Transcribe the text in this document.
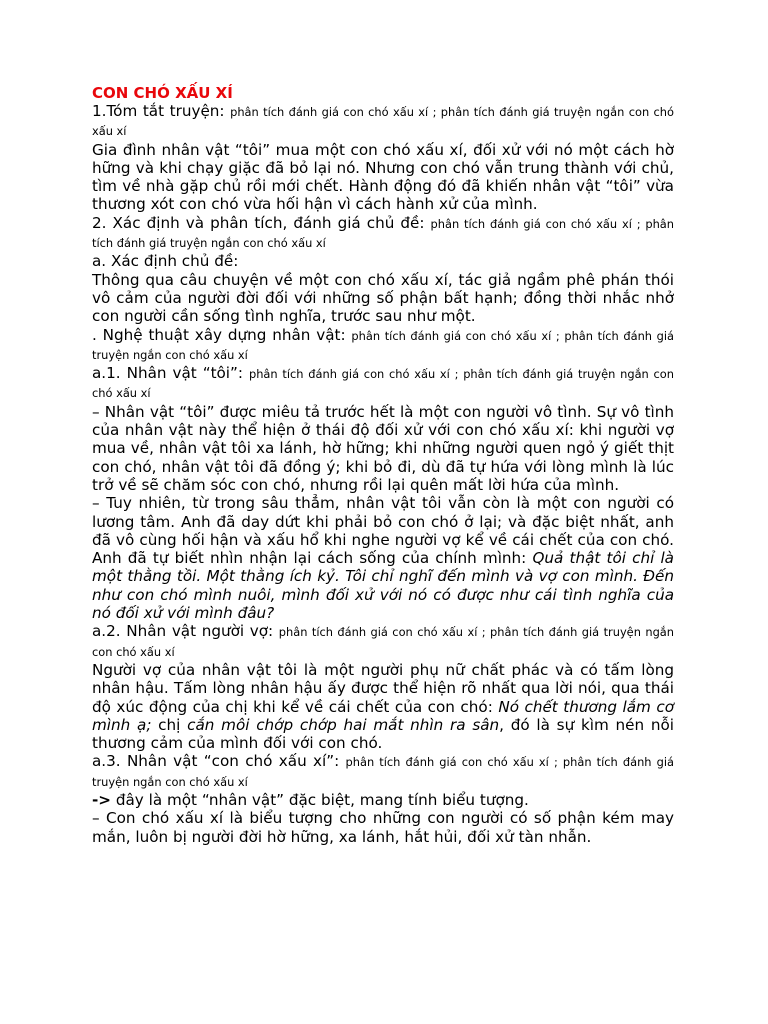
CON CHÓ XẤU XÍ

1.Tóm tắt truyện: phân tích đánh giá con chó xấu xí ; phân tích đánh giá truyện ngắn con chó xấu xí

Gia đình nhân vật “tôi” mua một con chó xấu xí, đối xử với nó một cách hờ hững và khi chạy giặc đã bỏ lại nó. Nhưng con chó vẫn trung thành với chủ, tìm về nhà gặp chủ rồi mới chết. Hành động đó đã khiến nhân vật “tôi” vừa thương xót con chó vừa hối hận vì cách hành xử của mình.

2. Xác định và phân tích, đánh giá chủ đề: phân tích đánh giá con chó xấu xí ; phân tích đánh giá truyện ngắn con chó xấu xí

a. Xác định chủ đề:

Thông qua câu chuyện về một con chó xấu xí, tác giả ngầm phê phán thói vô cảm của người đời đối với những số phận bất hạnh; đồng thời nhắc nhở con người cần sống tình nghĩa, trước sau như một.

. Nghệ thuật xây dựng nhân vật: phân tích đánh giá con chó xấu xí ; phân tích đánh giá truyện ngắn con chó xấu xí

a.1. Nhân vật “tôi”: phân tích đánh giá con chó xấu xí ; phân tích đánh giá truyện ngắn con chó xấu xí

– Nhân vật “tôi” được miêu tả trước hết là một con người vô tình. Sự vô tình của nhân vật này thể hiện ở thái độ đối xử với con chó xấu xí: khi người vợ mua về, nhân vật tôi xa lánh, hờ hững; khi những người quen ngỏ ý giết thịt con chó, nhân vật tôi đã đồng ý; khi bỏ đi, dù đã tự hứa với lòng mình là lúc trở về sẽ chăm sóc con chó, nhưng rồi lại quên mất lời hứa của mình.

– Tuy nhiên, từ trong sâu thẳm, nhân vật tôi vẫn còn là một con người có lương tâm. Anh đã day dứt khi phải bỏ con chó ở lại; và đặc biệt nhất, anh đã vô cùng hối hận và xấu hổ khi nghe người vợ kể về cái chết của con chó. Anh đã tự biết nhìn nhận lại cách sống của chính mình: Quả thật tôi chỉ là một thằng tồi. Một thằng ích kỷ. Tôi chỉ nghĩ đến mình và vợ con mình. Đến như con chó mình nuôi, mình đối xử với nó có được như cái tình nghĩa của nó đối xử với mình đâu?

a.2. Nhân vật người vợ: phân tích đánh giá con chó xấu xí ; phân tích đánh giá truyện ngắn con chó xấu xí

Người vợ của nhân vật tôi là một người phụ nữ chất phác và có tấm lòng nhân hậu. Tấm lòng nhân hậu ấy được thể hiện rõ nhất qua lời nói, qua thái độ xúc động của chị khi kể về cái chết của con chó: Nó chết thương lắm cơ mình ạ; chị cắn môi chớp chớp hai mắt nhìn ra sân, đó là sự kìm nén nỗi thương cảm của mình đối với con chó.

a.3. Nhân vật “con chó xấu xí”: phân tích đánh giá con chó xấu xí ; phân tích đánh giá truyện ngắn con chó xấu xí

-> đây là một “nhân vật” đặc biệt, mang tính biểu tượng.

– Con chó xấu xí là biểu tượng cho những con người có số phận kém may mắn, luôn bị người đời hờ hững, xa lánh, hắt hủi, đối xử tàn nhẫn.
